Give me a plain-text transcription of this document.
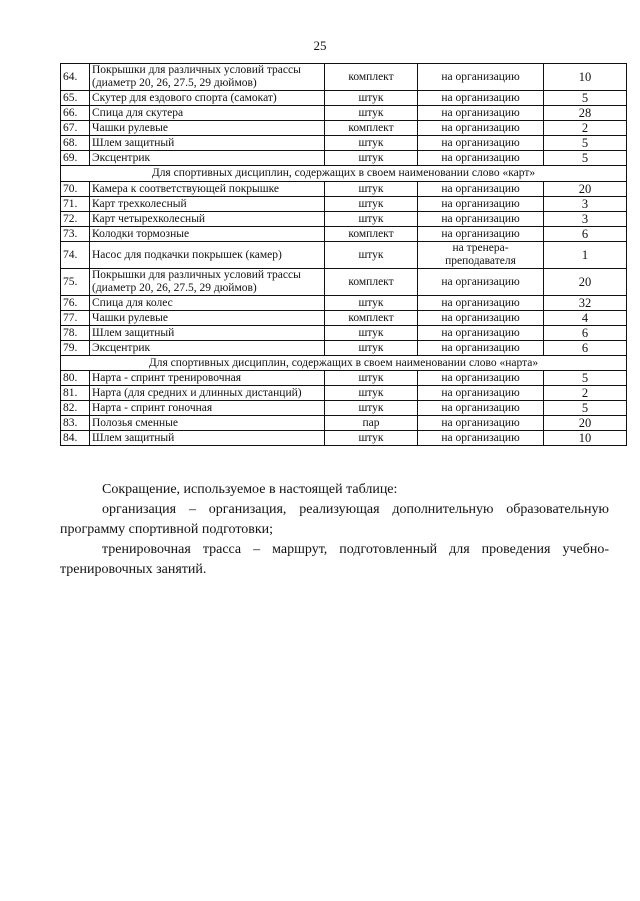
25
64.	Покрышки для различных условий трассы (диаметр 20, 26, 27.5, 29 дюймов)	комплект	на организацию	10
65.	Скутер для ездового спорта (самокат)	штук	на организацию	5
66.	Спица для скутера	штук	на организацию	28
67.	Чашки рулевые	комплект	на организацию	2
68.	Шлем защитный	штук	на организацию	5
69.	Эксцентрик	штук	на организацию	5
Для спортивных дисциплин, содержащих в своем наименовании слово «карт»				
70.	Камера к соответствующей покрышке	штук	на организацию	20
71.	Карт трехколесный	штук	на организацию	3
72.	Карт четырехколесный	штук	на организацию	3
73.	Колодки тормозные	комплект	на организацию	6
74.	Насос для подкачки покрышек (камер)	штук	на тренера-преподавателя	1
75.	Покрышки для различных условий трассы (диаметр 20, 26, 27.5, 29 дюймов)	комплект	на организацию	20
76.	Спица для колес	штук	на организацию	32
77.	Чашки рулевые	комплект	на организацию	4
78.	Шлем защитный	штук	на организацию	6
79.	Эксцентрик	штук	на организацию	6
Для спортивных дисциплин, содержащих в своем наименовании слово «нарта»				
80.	Нарта - спринт тренировочная	штук	на организацию	5
81.	Нарта (для средних и длинных дистанций)	штук	на организацию	2
82.	Нарта - спринт гоночная	штук	на организацию	5
83.	Полозья сменные	пар	на организацию	20
84.	Шлем защитный	штук	на организацию	10

Сокращение, используемое в настоящей таблице:

организация – организация, реализующая дополнительную образовательную программу спортивной подготовки;

тренировочная трасса – маршрут, подготовленный для проведения учебно-тренировочных занятий.
